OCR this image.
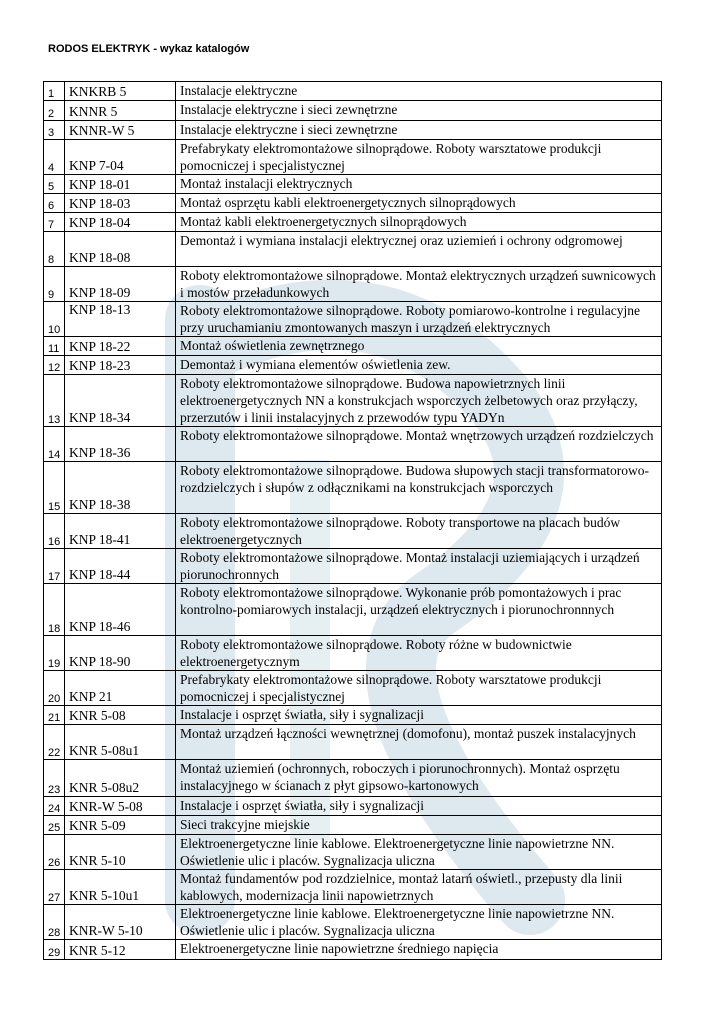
RODOS ELEKTRYK - wykaz katalogów
1	KNKRB 5	Instalacje elektryczne
2	KNNR 5	Instalacje elektryczne i sieci zewnętrzne
3	KNNR-W 5	Instalacje elektryczne i sieci zewnętrzne
4	KNP 7-04	Prefabrykaty elektromontażowe silnoprądowe. Roboty warsztatowe produkcji pomocniczej i specjalistycznej
5	KNP 18-01	Montaż instalacji elektrycznych
6	KNP 18-03	Montaż osprzętu kabli elektroenergetycznych silnoprądowych
7	KNP 18-04	Montaż kabli elektroenergetycznych silnoprądowych
8	KNP 18-08	Demontaż i wymiana instalacji elektrycznej oraz uziemień i ochrony odgromowej
9	KNP 18-09	Roboty elektromontażowe silnoprądowe. Montaż elektrycznych urządzeń suwnicowych i mostów przeładunkowych
10	KNP 18-13	Roboty elektromontażowe silnoprądowe. Roboty pomiarowo-kontrolne i regulacyjne przy uruchamianiu zmontowanych maszyn i urządzeń elektrycznych
11	KNP 18-22	Montaż oświetlenia zewnętrznego
12	KNP 18-23	Demontaż i wymiana elementów oświetlenia zew.
13	KNP 18-34	Roboty elektromontażowe silnoprądowe. Budowa napowietrznych linii elektroenergetycznych NN a konstrukcjach wsporczych żelbetowych oraz przyłączy, przerzutów i linii instalacyjnych z przewodów typu YADYn
14	KNP 18-36	Roboty elektromontażowe silnoprądowe. Montaż wnętrzowych urządzeń rozdzielczych
15	KNP 18-38	Roboty elektromontażowe silnoprądowe. Budowa słupowych stacji transformatorowo-rozdzielczych i słupów z odłącznikami na konstrukcjach wsporczych
16	KNP 18-41	Roboty elektromontażowe silnoprądowe. Roboty transportowe na placach budów elektroenergetycznych
17	KNP 18-44	Roboty elektromontażowe silnoprądowe. Montaż instalacji uziemiających i urządzeń piorunochronnych
18	KNP 18-46	Roboty elektromontażowe silnoprądowe. Wykonanie prób pomontażowych i prac kontrolno-pomiarowych instalacji, urządzeń elektrycznych i piorunochronnnych
19	KNP 18-90	Roboty elektromontażowe silnoprądowe. Roboty różne w budownictwie elektroenergetycznym
20	KNP 21	Prefabrykaty elektromontażowe silnoprądowe. Roboty warsztatowe produkcji pomocniczej i specjalistycznej
21	KNR 5-08	Instalacje i osprzęt światła, siły i sygnalizacji
22	KNR 5-08u1	Montaż urządzeń łączności wewnętrznej (domofonu), montaż puszek instalacyjnych
23	KNR 5-08u2	Montaż uziemień (ochronnych, roboczych i piorunochronnych). Montaż osprzętu instalacyjnego w ścianach z płyt gipsowo-kartonowych
24	KNR-W 5-08	Instalacje i osprzęt światła, siły i sygnalizacji
25	KNR 5-09	Sieci trakcyjne miejskie
26	KNR 5-10	Elektroenergetyczne linie kablowe. Elektroenergetyczne linie napowietrzne NN. Oświetlenie ulic i placów. Sygnalizacja uliczna
27	KNR 5-10u1	Montaż fundamentów pod rozdzielnice, montaż latarń oświetl., przepusty dla linii kablowych, modernizacja linii napowietrznych
28	KNR-W 5-10	Elektroenergetyczne linie kablowe. Elektroenergetyczne linie napowietrzne NN. Oświetlenie ulic i placów. Sygnalizacja uliczna
29	KNR 5-12	Elektroenergetyczne linie napowietrzne średniego napięcia
